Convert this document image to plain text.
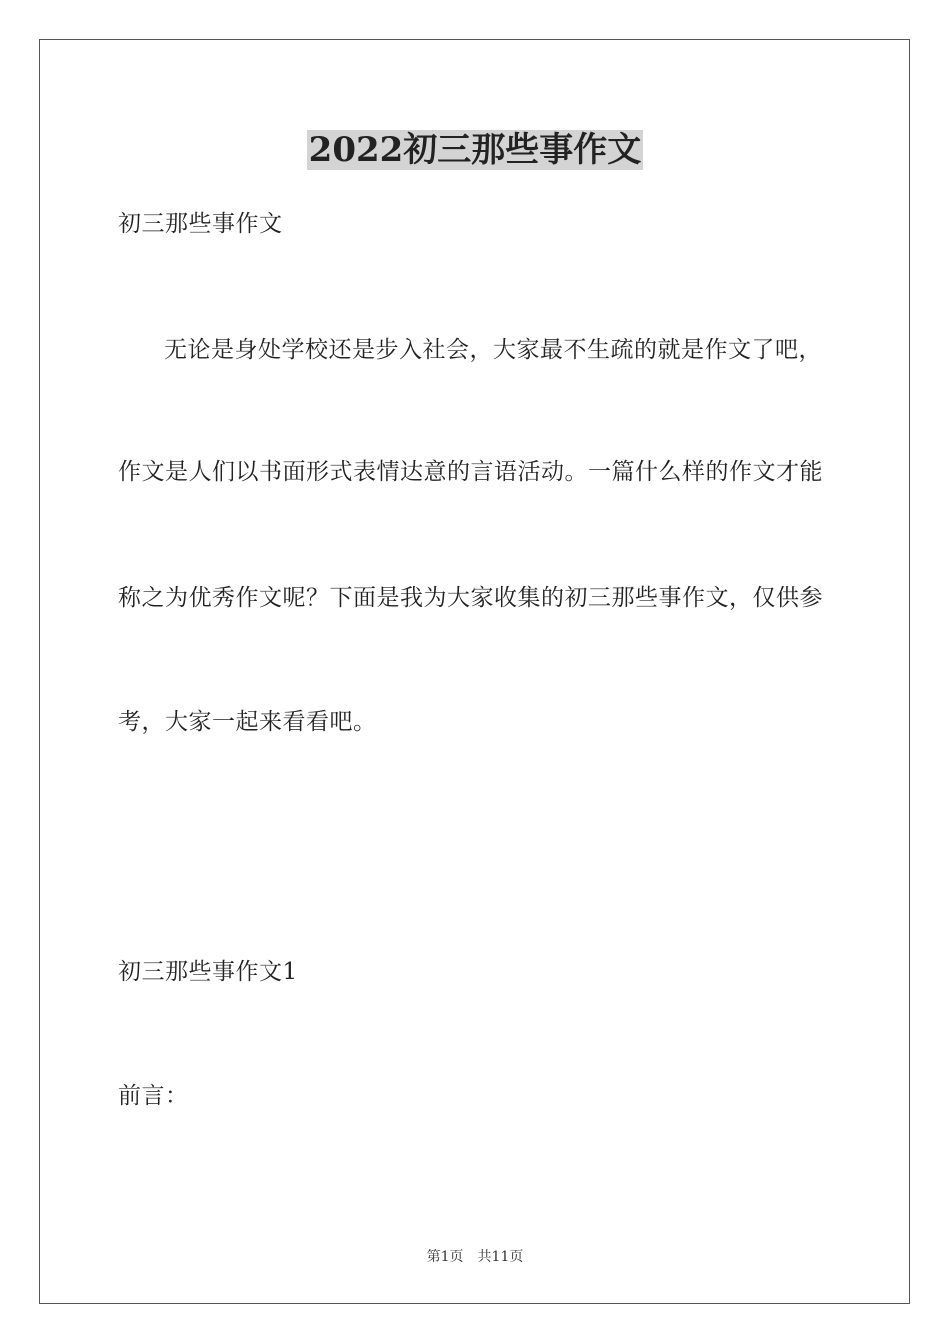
2022初三那些事作文

初三那些事作文

无论是身处学校还是步入社会，大家最不生疏的就是作文了吧，

作文是人们以书面形式表情达意的言语活动。一篇什么样的作文才能

称之为优秀作文呢？下面是我为大家收集的初三那些事作文，仅供参

考，大家一起来看看吧。

初三那些事作文1

前言：

第1页　共11页
